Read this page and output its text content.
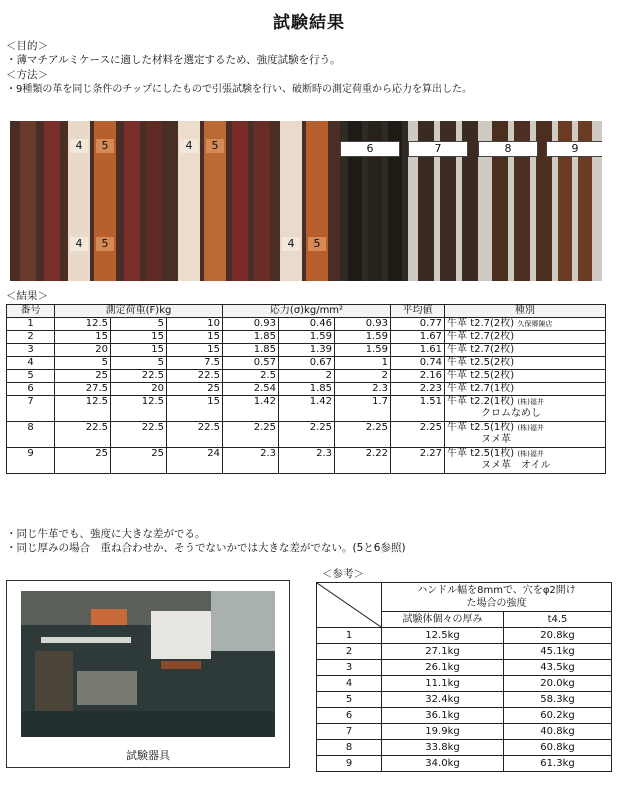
試験結果
＜目的＞
・薄マチアルミケースに適した材料を選定するため、強度試験を行う。
＜方法＞
・9種類の革を同じ条件のチップにしたもので引張試験を行い、破断時の測定荷重から応力を算出した。
4	5	4	5
4	5	4	5
6	7	8	9
＜結果＞
番号	測定荷重(F)kg			応力(σ)kg/mm²			平均値	種別
1	12.5	5	10	0.93	0.46	0.93	0.77	牛革 t2.7(2枚) 久保郷陳店
2	15	15	15	1.85	1.59	1.59	1.67	牛革 t2.7(2枚)
3	20	15	15	1.85	1.39	1.59	1.61	牛革 t2.7(2枚)
4	5	5	7.5	0.57	0.67	1	0.74	牛革 t2.5(2枚)
5	25	22.5	22.5	2.5	2	2	2.16	牛革 t2.5(2枚)
6	27.5	20	25	2.54	1.85	2.3	2.23	牛革 t2.7(1枚)
7	12.5	12.5	15	1.42	1.42	1.7	1.51	牛革 t2.2(1枚) (株)福井
クロムなめし
8	22.5	22.5	22.5	2.25	2.25	2.25	2.25	牛革 t2.5(1枚) (株)福井
ヌメ革
9	25	25	24	2.3	2.3	2.22	2.27	牛革 t2.5(1枚) (株)福井
ヌメ革　オイル
・同じ牛革でも、強度に大きな差がでる。
・同じ厚みの場合　重ね合わせか、そうでないかでは大きな差がでない。(5と6参照)
試験器具
＜参考＞
	ハンドル幅を8mmで、穴をφ2開け
た場合の強度	
	試験体個々の厚み	t4.5
1	12.5kg	20.8kg
2	27.1kg	45.1kg
3	26.1kg	43.5kg
4	11.1kg	20.0kg
5	32.4kg	58.3kg
6	36.1kg	60.2kg
7	19.9kg	40.8kg
8	33.8kg	60.8kg
9	34.0kg	61.3kg
